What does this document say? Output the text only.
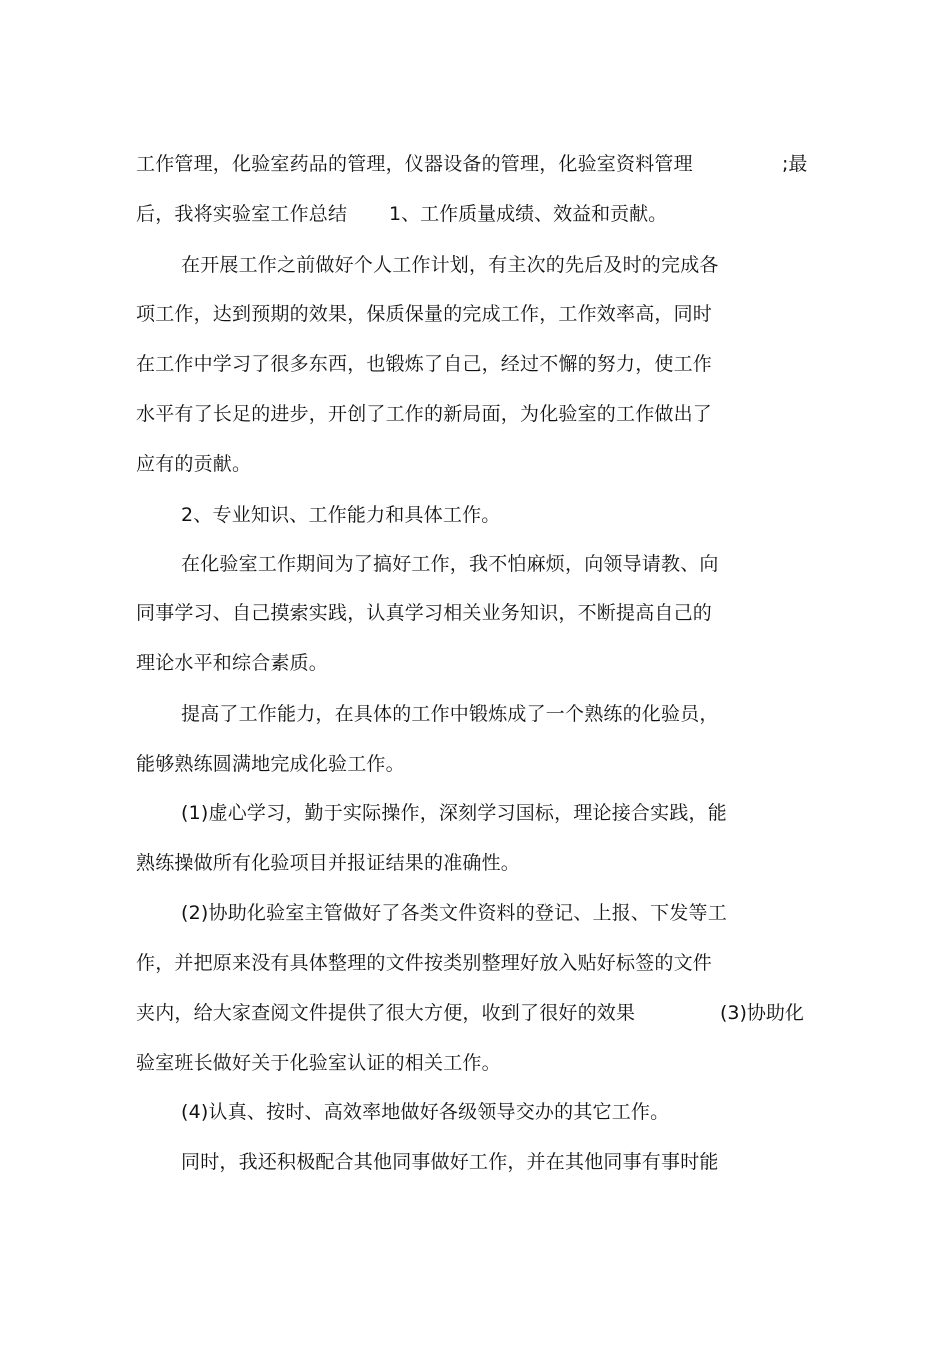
工作管理，化验室药品的管理，仪器设备的管理，化验室资料管理	;最
后，我将实验室工作总结 1、工作质量成绩、效益和贡献。
在开展工作之前做好个人工作计划，有主次的先后及时的完成各
项工作，达到预期的效果，保质保量的完成工作，工作效率高，同时
在工作中学习了很多东西，也锻炼了自己，经过不懈的努力，使工作
水平有了长足的进步，开创了工作的新局面，为化验室的工作做出了
应有的贡献。
2、专业知识、工作能力和具体工作。
在化验室工作期间为了搞好工作，我不怕麻烦，向领导请教、向
同事学习、自己摸索实践，认真学习相关业务知识，不断提高自己的
理论水平和综合素质。
提高了工作能力，在具体的工作中锻炼成了一个熟练的化验员，
能够熟练圆满地完成化验工作。
(1)虚心学习，勤于实际操作，深刻学习国标，理论接合实践，能
熟练操做所有化验项目并报证结果的准确性。
(2)协助化验室主管做好了各类文件资料的登记、上报、下发等工
作，并把原来没有具体整理的文件按类别整理好放入贴好标签的文件
夹内，给大家查阅文件提供了很大方便，收到了很好的效果	(3)协助化
验室班长做好关于化验室认证的相关工作。
(4)认真、按时、高效率地做好各级领导交办的其它工作。
同时，我还积极配合其他同事做好工作，并在其他同事有事时能
